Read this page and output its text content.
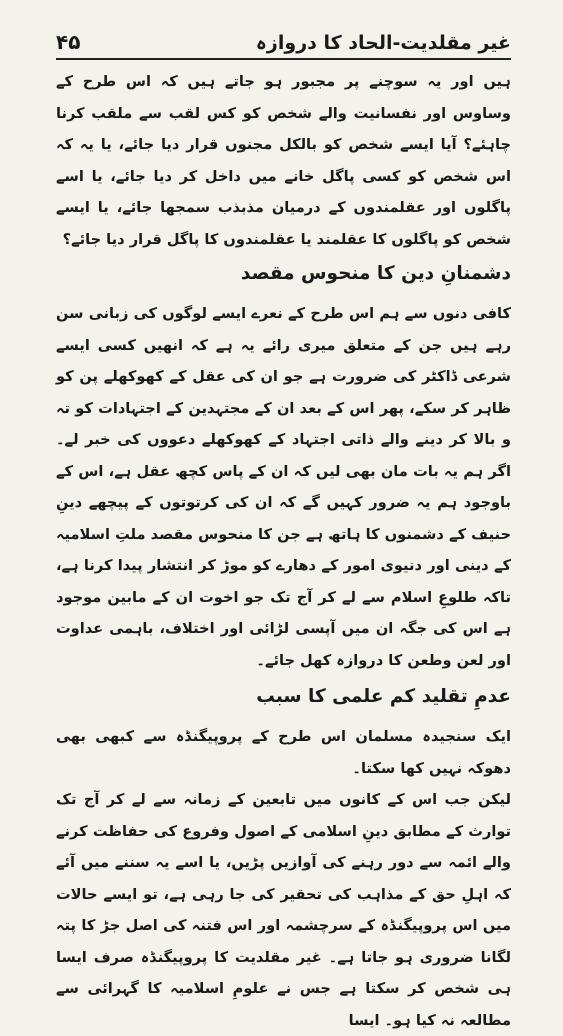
غیر مقلدیت-الحاد کا دروازہ
۴۵

ہیں اور یہ سوچنے پر مجبور ہو جاتے ہیں کہ اس طرح کے وساوس اور نفسانیت والے شخص کو کس لقب سے ملقب کرنا چاہئے؟ آیا ایسے شخص کو بالکل مجنوں قرار دیا جائے، یا یہ کہ اس شخص کو کسی پاگل خانے میں داخل کر دیا جائے، یا اسے پاگلوں اور عقلمندوں کے درمیان مذبذب سمجھا جائے، یا ایسے شخص کو پاگلوں کا عقلمند یا عقلمندوں کا پاگل قرار دیا جائے؟

دشمنانِ دین کا منحوس مقصد

کافی دنوں سے ہم اس طرح کے نعرے ایسے لوگوں کی زبانی سن رہے ہیں جن کے متعلق میری رائے یہ ہے کہ انھیں کسی ایسے شرعی ڈاکٹر کی ضرورت ہے جو ان کی عقل کے کھوکھلے پن کو ظاہر کر سکے، پھر اس کے بعد ان کے مجتہدین کے اجتہادات کو تہ و بالا کر دینے والے ذاتی اجتہاد کے کھوکھلے دعووں کی خبر لے۔ اگر ہم یہ بات مان بھی لیں کہ ان کے پاس کچھ عقل ہے، اس کے باوجود ہم یہ ضرور کہیں گے کہ ان کی کرتوتوں کے پیچھے دینِ حنیف کے دشمنوں کا ہاتھ ہے جن کا منحوس مقصد ملتِ اسلامیہ کے دینی اور دنیوی امور کے دھارے کو موڑ کر انتشار پیدا کرنا ہے، تاکہ طلوعِ اسلام سے لے کر آج تک جو اخوت ان کے مابین موجود ہے اس کی جگہ ان میں آپسی لڑائی اور اختلاف، باہمی عداوت اور لعن وطعن کا دروازہ کھل جائے۔

عدمِ تقلید کم علمی کا سبب

ایک سنجیدہ مسلمان اس طرح کے پروپیگنڈہ سے کبھی بھی دھوکہ نہیں کھا سکتا۔

لیکن جب اس کے کانوں میں تابعین کے زمانہ سے لے کر آج تک توارث کے مطابق دینِ اسلامی کے اصول وفروع کی حفاظت کرنے والے ائمہ سے دور رہنے کی آوازیں پڑیں، یا اسے یہ سننے میں آئے کہ اہلِ حق کے مذاہب کی تحقیر کی جا رہی ہے، تو ایسے حالات میں اس پروپیگنڈہ کے سرچشمہ اور اس فتنہ کی اصل جڑ کا پتہ لگانا ضروری ہو جاتا ہے۔ غیر مقلدیت کا پروپیگنڈہ صرف ایسا ہی شخص کر سکتا ہے جس نے علومِ اسلامیہ کا گہرائی سے مطالعہ نہ کیا ہو۔ ایسا
